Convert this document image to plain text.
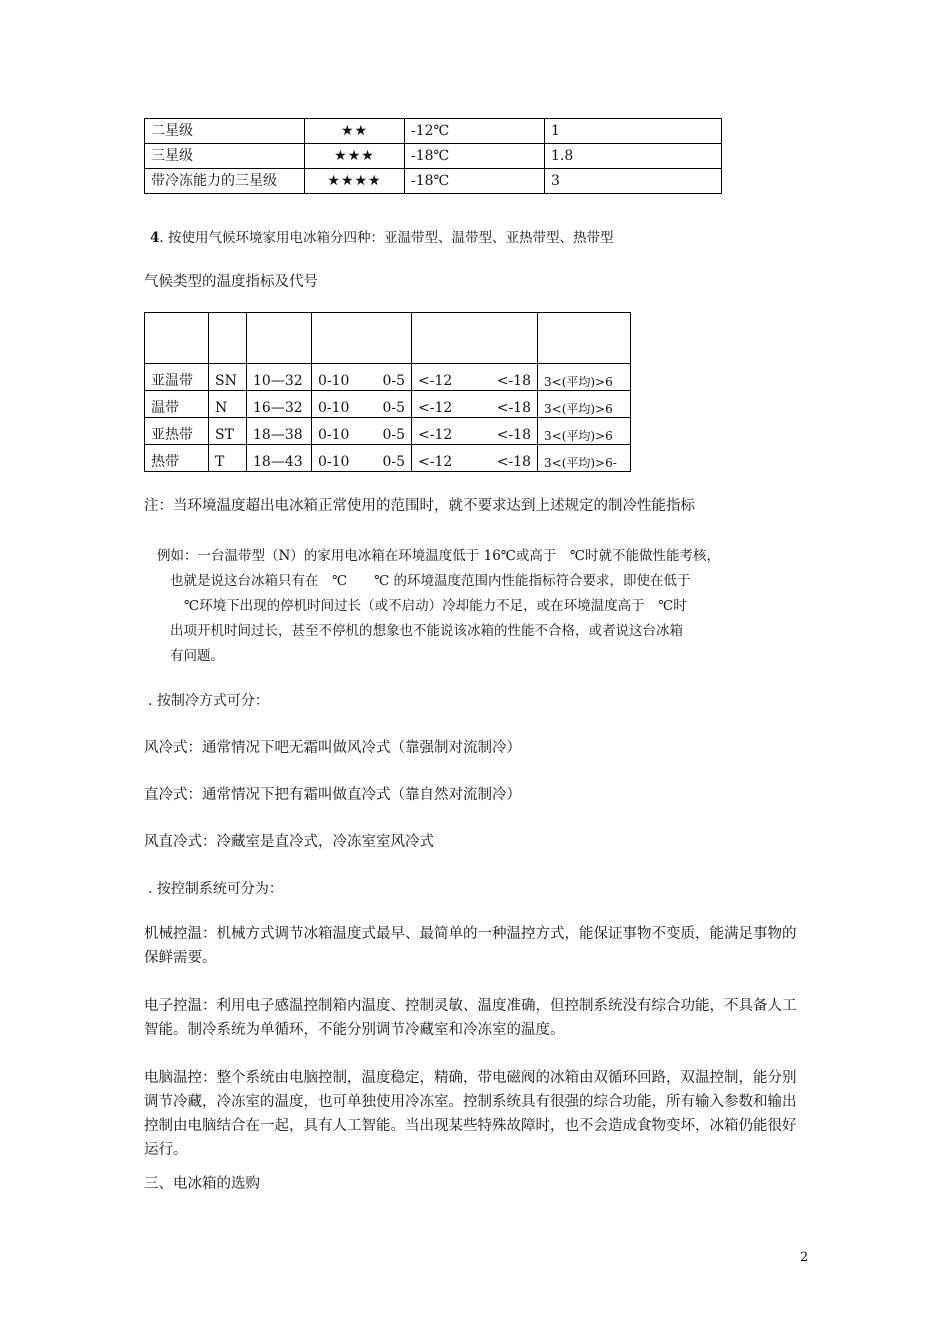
二星级	★★	-12℃	1
三星级	★★★	-18℃	1.8
带冷冻能力的三星级	★★★★	-18℃	3
4. 按使用气候环境家用电冰箱分四种：亚温带型、温带型、亚热带型、热带型
气候类型的温度指标及代号

亚温带	SN	10—32	0-10 0-5	<-12 <-18	3<(平均)>6
温带	N	16—32	0-10 0-5	<-12 <-18	3<(平均)>6
亚热带	ST	18—38	0-10 0-5	<-12 <-18	3<(平均)>6
热带	T	18—43	0-10 0-5	<-12 <-18	3<(平均)>6-
注：当环境温度超出电冰箱正常使用的范围时，就不要求达到上述规定的制冷性能指标
例如：一台温带型（N）的家用电冰箱在环境温度低于 16℃或高于　℃时就不能做性能考核，
也就是说这台冰箱只有在　℃　　℃ 的环境温度范围内性能指标符合要求，即使在低于
℃环境下出现的停机时间过长（或不启动）冷却能力不足，或在环境温度高于　℃时
出项开机时间过长，甚至不停机的想象也不能说该冰箱的性能不合格，或者说这台冰箱
有问题。
. 按制冷方式可分：
风冷式：通常情况下吧无霜叫做风冷式（靠强制对流制冷）
直冷式：通常情况下把有霜叫做直冷式（靠自然对流制冷）
风直冷式：冷藏室是直冷式，冷冻室室风冷式
. 按控制系统可分为：
机械控温：机械方式调节冰箱温度式最早、最简单的一种温控方式，能保证事物不变质，能满足事物的保鲜需要。
电子控温：利用电子感温控制箱内温度、控制灵敏、温度准确，但控制系统没有综合功能，不具备人工智能。制冷系统为单循环，不能分别调节冷藏室和冷冻室的温度。
电脑温控：整个系统由电脑控制，温度稳定，精确，带电磁阀的冰箱由双循环回路，双温控制，能分别调节冷藏，冷冻室的温度，也可单独使用冷冻室。控制系统具有很强的综合功能，所有输入参数和输出控制由电脑结合在一起，具有人工智能。当出现某些特殊故障时，也不会造成食物变坏，冰箱仍能很好运行。
三、电冰箱的选购
2
